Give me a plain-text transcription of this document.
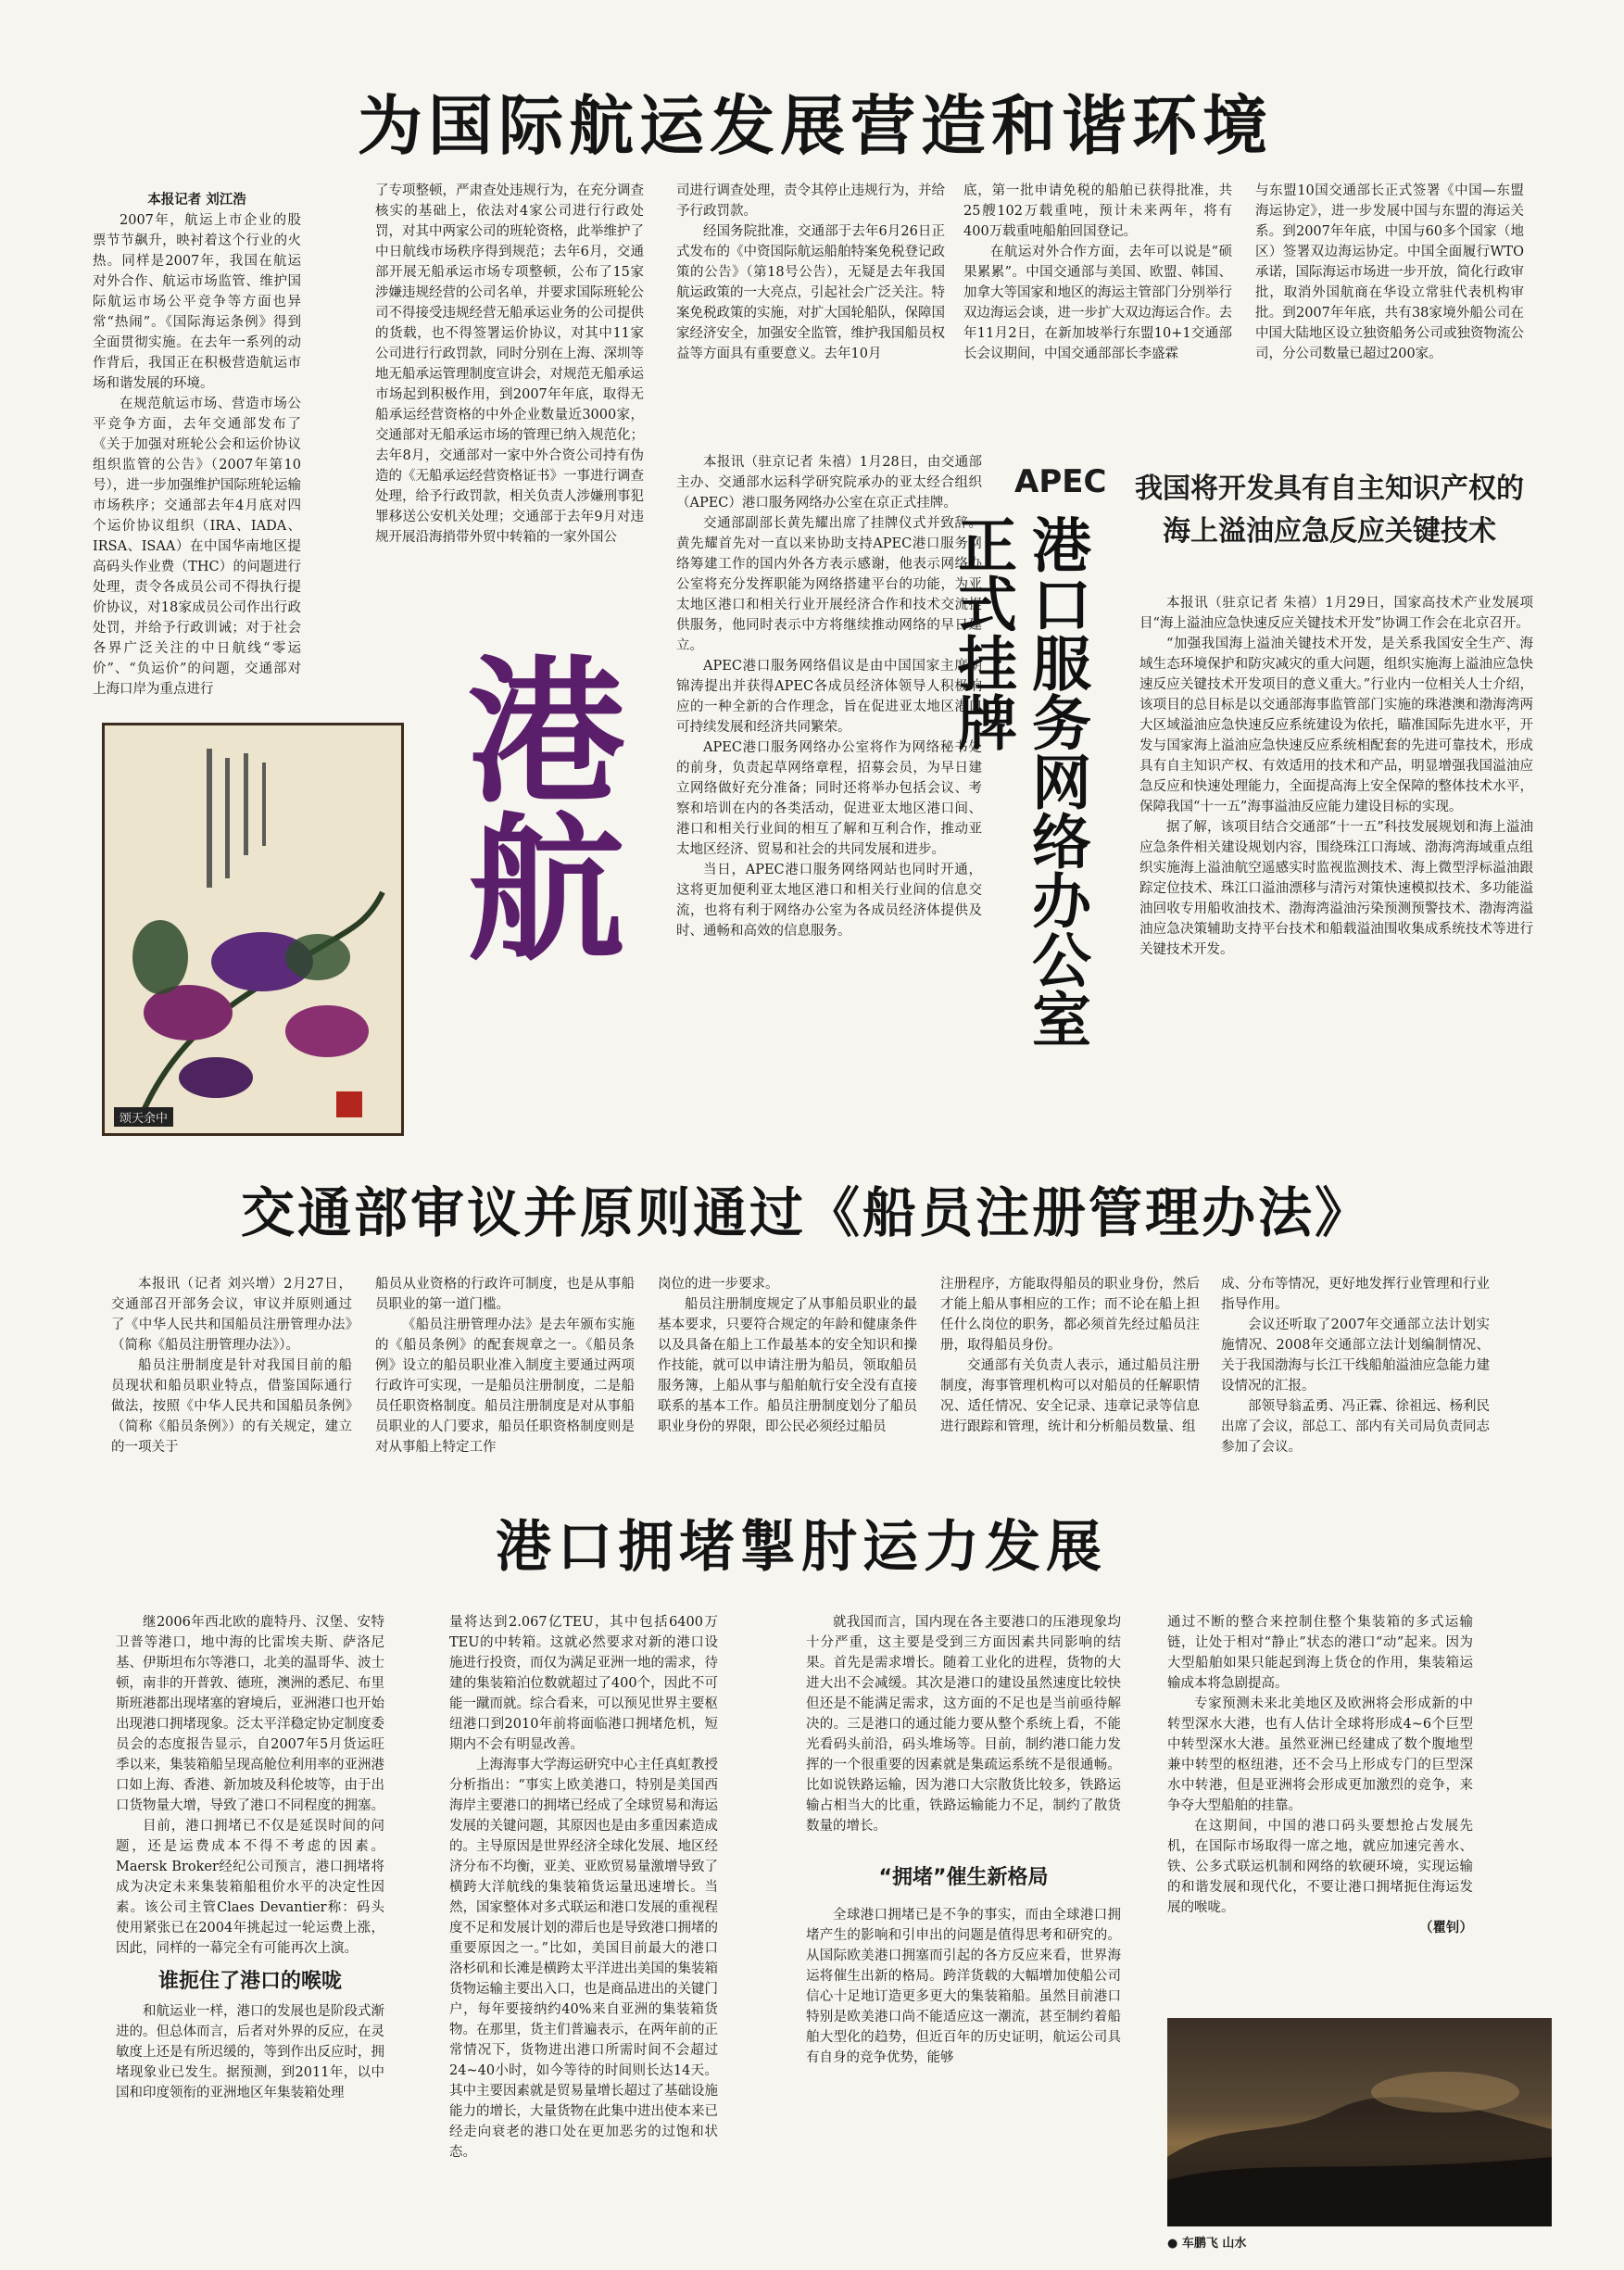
为国际航运发展营造和谐环境

本报记者 刘江浩

2007年，航运上市企业的股票节节飙升，映衬着这个行业的火热。同样是2007年，我国在航运对外合作、航运市场监管、维护国际航运市场公平竞争等方面也异常“热闹”。《国际海运条例》得到全面贯彻实施。在去年一系列的动作背后，我国正在积极营造航运市场和谐发展的环境。

在规范航运市场、营造市场公平竞争方面，去年交通部发布了《关于加强对班轮公会和运价协议组织监管的公告》（2007年第10号），进一步加强维护国际班轮运输市场秩序；交通部去年4月底对四个运价协议组织（IRA、IADA、IRSA、ISAA）在中国华南地区提高码头作业费（THC）的问题进行处理，责令各成员公司不得执行提价协议，对18家成员公司作出行政处罚，并给予行政训诫；对于社会各界广泛关注的中日航线“零运价”、“负运价”的问题，交通部对上海口岸为重点进行

了专项整顿，严肃查处违规行为，在充分调查核实的基础上，依法对4家公司进行行政处罚，对其中两家公司的班轮资格，此举维护了中日航线市场秩序得到规范；去年6月，交通部开展无船承运市场专项整顿，公布了15家涉嫌违规经营的公司名单，并要求国际班轮公司不得接受违规经营无船承运业务的公司提供的货载，也不得签署运价协议，对其中11家公司进行行政罚款，同时分别在上海、深圳等地无船承运管理制度宣讲会，对规范无船承运市场起到积极作用，到2007年年底，取得无船承运经营资格的中外企业数量近3000家，交通部对无船承运市场的管理已纳入规范化；去年8月，交通部对一家中外合资公司持有伪造的《无船承运经营资格证书》一事进行调查处理，给予行政罚款，相关负责人涉嫌刑事犯罪移送公安机关处理；交通部于去年9月对违规开展沿海捎带外贸中转箱的一家外国公

司进行调查处理，责令其停止违规行为，并给予行政罚款。

经国务院批准，交通部于去年6月26日正式发布的《中资国际航运船舶特案免税登记政策的公告》（第18号公告），无疑是去年我国航运政策的一大亮点，引起社会广泛关注。特案免税政策的实施，对扩大国轮船队，保障国家经济安全，加强安全监管，维护我国船员权益等方面具有重要意义。去年10月

底，第一批申请免税的船舶已获得批准，共25艘102万载重吨，预计未来两年，将有400万载重吨船舶回国登记。

在航运对外合作方面，去年可以说是“硕果累累”。中国交通部与美国、欧盟、韩国、加拿大等国家和地区的海运主管部门分别举行双边海运会谈，进一步扩大双边海运合作。去年11月2日，在新加坡举行东盟10+1交通部长会议期间，中国交通部部长李盛霖

与东盟10国交通部长正式签署《中国—东盟海运协定》，进一步发展中国与东盟的海运关系。到2007年年底，中国与60多个国家（地区）签署双边海运协定。中国全面履行WTO承诺，国际海运市场进一步开放，简化行政审批，取消外国航商在华设立常驻代表机构审批。到2007年年底，共有38家境外船公司在中国大陆地区设立独资船务公司或独资物流公司，分公司数量已超过200家。

颂天余中
港航

本报讯（驻京记者 朱禧）1月28日，由交通部主办、交通部水运科学研究院承办的亚太经合组织（APEC）港口服务网络办公室在京正式挂牌。

交通部副部长黄先耀出席了挂牌仪式并致辞。黄先耀首先对一直以来协助支持APEC港口服务网络筹建工作的国内外各方表示感谢，他表示网络办公室将充分发挥职能为网络搭建平台的功能，为亚太地区港口和相关行业开展经济合作和技术交流提供服务，他同时表示中方将继续推动网络的早日建立。

APEC港口服务网络倡议是由中国国家主席胡锦涛提出并获得APEC各成员经济体领导人积极响应的一种全新的合作理念，旨在促进亚太地区港口可持续发展和经济共同繁荣。

APEC港口服务网络办公室将作为网络秘书处的前身，负责起草网络章程，招募会员，为早日建立网络做好充分准备；同时还将举办包括会议、考察和培训在内的各类活动，促进亚太地区港口间、港口和相关行业间的相互了解和互利合作，推动亚太地区经济、贸易和社会的共同发展和进步。

当日，APEC港口服务网络网站也同时开通，这将更加便利亚太地区港口和相关行业间的信息交流，也将有利于网络办公室为各成员经济体提供及时、通畅和高效的信息服务。

APEC
港口服务网络办公室正式挂牌
我国将开发具有自主知识产权的
海上溢油应急反应关键技术

本报讯（驻京记者 朱禧）1月29日，国家高技术产业发展项目“海上溢油应急快速反应关键技术开发”协调工作会在北京召开。

“加强我国海上溢油关键技术开发，是关系我国安全生产、海域生态环境保护和防灾减灾的重大问题，组织实施海上溢油应急快速反应关键技术开发项目的意义重大。”行业内一位相关人士介绍，该项目的总目标是以交通部海事监管部门实施的珠港澳和渤海湾两大区域溢油应急快速反应系统建设为依托，瞄准国际先进水平，开发与国家海上溢油应急快速反应系统相配套的先进可靠技术，形成具有自主知识产权、有效适用的技术和产品，明显增强我国溢油应急反应和快速处理能力，全面提高海上安全保障的整体技术水平，保障我国“十一五”海事溢油反应能力建设目标的实现。

据了解，该项目结合交通部“十一五”科技发展规划和海上溢油应急条件相关建设规划内容，围绕珠江口海域、渤海湾海域重点组织实施海上溢油航空遥感实时监视监测技术、海上微型浮标溢油跟踪定位技术、珠江口溢油漂移与清污对策快速模拟技术、多功能溢油回收专用船收油技术、渤海湾溢油污染预测预警技术、渤海湾溢油应急决策辅助支持平台技术和船载溢油围收集成系统技术等进行关键技术开发。

交通部审议并原则通过《船员注册管理办法》

本报讯（记者 刘兴增）2月27日，交通部召开部务会议，审议并原则通过了《中华人民共和国船员注册管理办法》（简称《船员注册管理办法》）。

船员注册制度是针对我国目前的船员现状和船员职业特点，借鉴国际通行做法，按照《中华人民共和国船员条例》（简称《船员条例》）的有关规定，建立的一项关于

船员从业资格的行政许可制度，也是从事船员职业的第一道门槛。

《船员注册管理办法》是去年颁布实施的《船员条例》的配套规章之一。《船员条例》设立的船员职业准入制度主要通过两项行政许可实现，一是船员注册制度，二是船员任职资格制度。船员注册制度是对从事船员职业的人门要求，船员任职资格制度则是对从事船上特定工作

岗位的进一步要求。

船员注册制度规定了从事船员职业的最基本要求，只要符合规定的年龄和健康条件以及具备在船上工作最基本的安全知识和操作技能，就可以申请注册为船员，领取船员服务簿，上船从事与船舶航行安全没有直接联系的基本工作。船员注册制度划分了船员职业身份的界限，即公民必须经过船员

注册程序，方能取得船员的职业身份，然后才能上船从事相应的工作；而不论在船上担任什么岗位的职务，都必须首先经过船员注册，取得船员身份。

交通部有关负责人表示，通过船员注册制度，海事管理机构可以对船员的任解职情况、适任情况、安全记录、违章记录等信息进行跟踪和管理，统计和分析船员数量、组

成、分布等情况，更好地发挥行业管理和行业指导作用。

会议还听取了2007年交通部立法计划实施情况、2008年交通部立法计划编制情况、关于我国渤海与长江干线船舶溢油应急能力建设情况的汇报。

部领导翁孟勇、冯正霖、徐祖远、杨利民出席了会议，部总工、部内有关司局负责同志参加了会议。

港口拥堵掣肘运力发展

继2006年西北欧的鹿特丹、汉堡、安特卫普等港口，地中海的比雷埃夫斯、萨洛尼基、伊斯坦布尔等港口，北美的温哥华、波士顿，南非的开普敦、德班，澳洲的悉尼、布里斯班港都出现堵塞的窘境后，亚洲港口也开始出现港口拥堵现象。泛太平洋稳定协定制度委员会的态度报告显示，自2007年5月货运旺季以来，集装箱船呈现高舱位利用率的亚洲港口如上海、香港、新加坡及科伦坡等，由于出口货物量大增，导致了港口不同程度的拥塞。

目前，港口拥堵已不仅是延误时间的问题，还是运费成本不得不考虑的因素。Maersk Broker经纪公司预言，港口拥堵将成为决定未来集装箱船租价水平的决定性因素。该公司主管Claes Devantier称：码头使用紧张已在2004年挑起过一轮运费上涨，因此，同样的一幕完全有可能再次上演。

谁扼住了港口的喉咙

和航运业一样，港口的发展也是阶段式渐进的。但总体而言，后者对外界的反应，在灵敏度上还是有所迟缓的，等到作出反应时，拥堵现象业已发生。据预测，到2011年，以中国和印度领衔的亚洲地区年集装箱处理

量将达到2.067亿TEU，其中包括6400万TEU的中转箱。这就必然要求对新的港口设施进行投资，而仅为满足亚洲一地的需求，待建的集装箱泊位数就超过了400个，因此不可能一蹴而就。综合看来，可以预见世界主要枢纽港口到2010年前将面临港口拥堵危机，短期内不会有明显改善。

上海海事大学海运研究中心主任真虹教授分析指出：“事实上欧美港口，特别是美国西海岸主要港口的拥堵已经成了全球贸易和海运发展的关键问题，其原因也是由多重因素造成的。主导原因是世界经济全球化发展、地区经济分布不均衡，亚美、亚欧贸易量激增导致了横跨大洋航线的集装箱货运量迅速增长。当然，国家整体对多式联运和港口发展的重视程度不足和发展计划的滞后也是导致港口拥堵的重要原因之一。”比如，美国目前最大的港口洛杉矶和长滩是横跨太平洋进出美国的集装箱货物运输主要出入口，也是商品进出的关键门户，每年要接纳约40%来自亚洲的集装箱货物。在那里，货主们普遍表示，在两年前的正常情况下，货物进出港口所需时间不会超过24~40小时，如今等待的时间则长达14天。其中主要因素就是贸易量增长超过了基础设施能力的增长，大量货物在此集中进出使本来已经走向衰老的港口处在更加恶劣的过饱和状态。

就我国而言，国内现在各主要港口的压港现象均十分严重，这主要是受到三方面因素共同影响的结果。首先是需求增长。随着工业化的进程，货物的大进大出不会减缓。其次是港口的建设虽然速度比较快但还是不能满足需求，这方面的不足也是当前亟待解决的。三是港口的通过能力要从整个系统上看，不能光看码头前沿，码头堆场等。目前，制约港口能力发挥的一个很重要的因素就是集疏运系统不是很通畅。比如说铁路运输，因为港口大宗散货比较多，铁路运输占相当大的比重，铁路运输能力不足，制约了散货数量的增长。

“拥堵”催生新格局

全球港口拥堵已是不争的事实，而由全球港口拥堵产生的影响和引申出的问题是值得思考和研究的。从国际欧美港口拥塞而引起的各方反应来看，世界海运将催生出新的格局。跨洋货载的大幅增加使船公司信心十足地订造更多更大的集装箱船。虽然目前港口特别是欧美港口尚不能适应这一潮流，甚至制约着船舶大型化的趋势，但近百年的历史证明，航运公司具有自身的竞争优势，能够

通过不断的整合来控制住整个集装箱的多式运输链，让处于相对“静止”状态的港口“动”起来。因为大型船舶如果只能起到海上货仓的作用，集装箱运输成本将急剧提高。

专家预测未来北美地区及欧洲将会形成新的中转型深水大港，也有人估计全球将形成4~6个巨型中转型深水大港。虽然亚洲已经建成了数个腹地型兼中转型的枢纽港，还不会马上形成专门的巨型深水中转港，但是亚洲将会形成更加激烈的竞争，来争夺大型船舶的挂靠。

在这期间，中国的港口码头要想抢占发展先机，在国际市场取得一席之地，就应加速完善水、铁、公多式联运机制和网络的软硬环境，实现运输的和谐发展和现代化，不要让港口拥堵扼住海运发展的喉咙。

（瞿钊）
● 车鹏飞 山水
